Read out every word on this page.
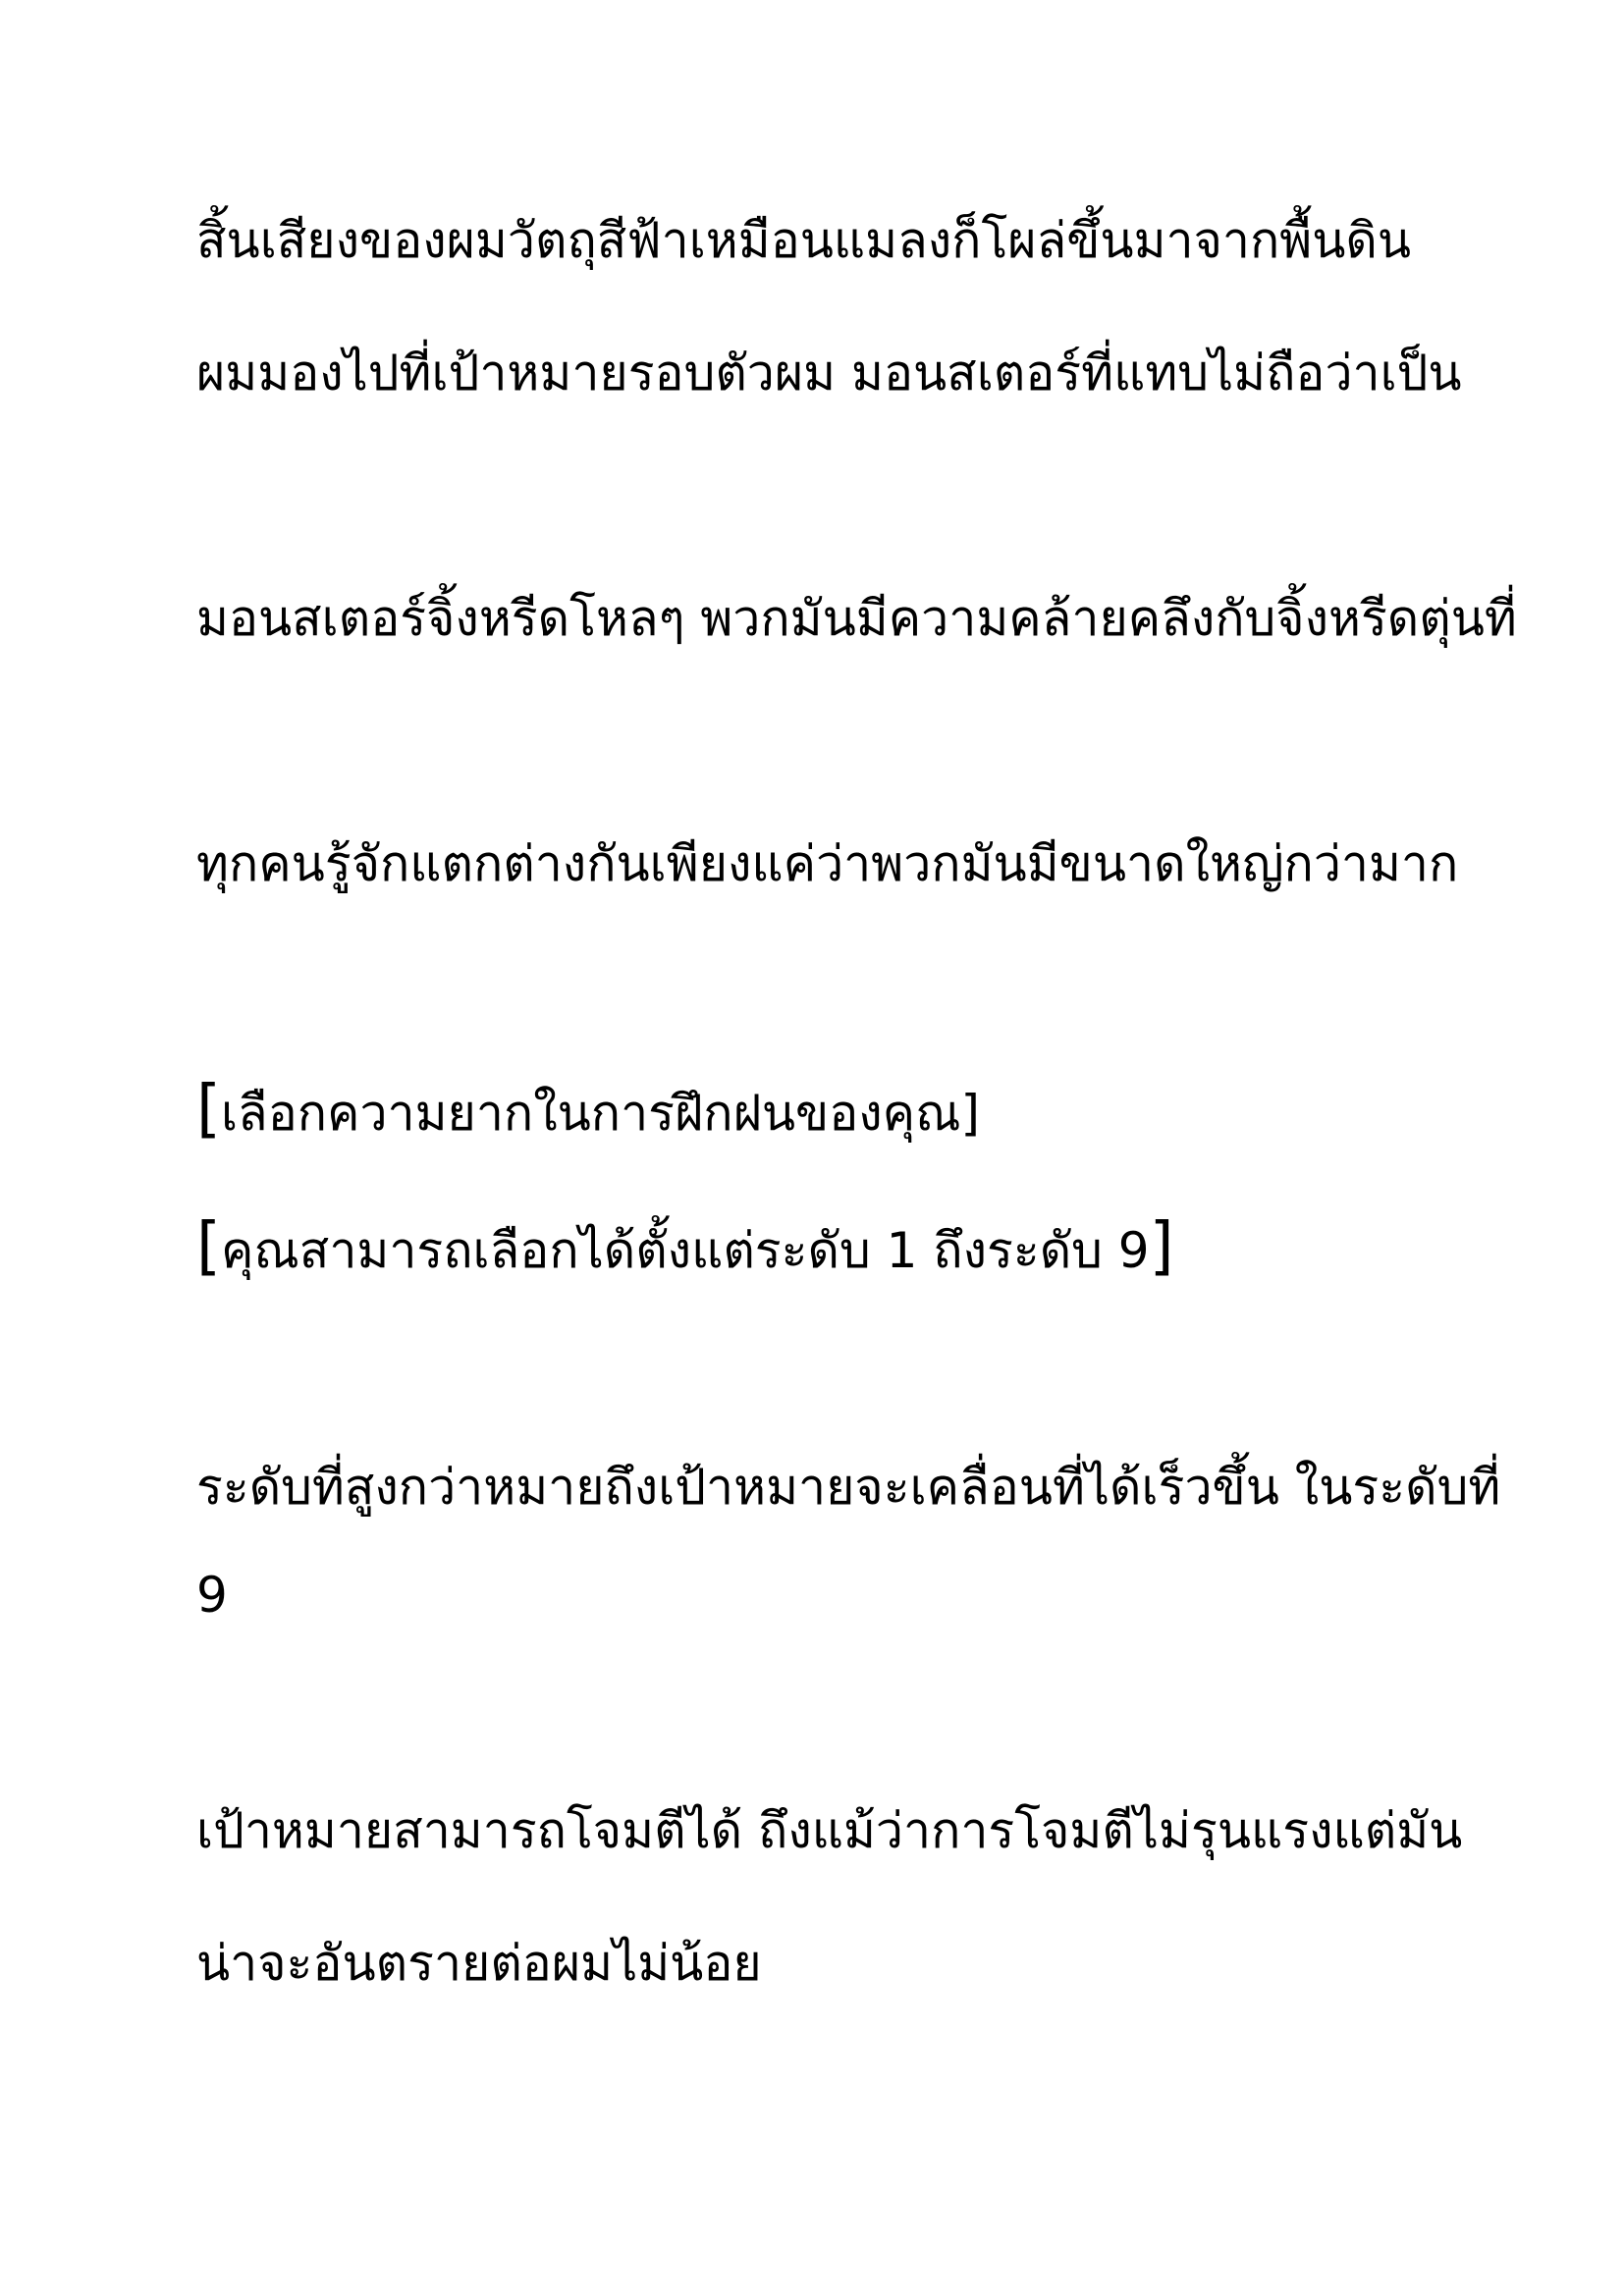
สิ้นเสียงของผมวัตถุสีฟ้าเหมือนแมลงก็โผล่ขึ้นมาจากพื้นดิน

ผมมองไปที่เป้าหมายรอบตัวผม มอนสเตอร์ที่แทบไม่ถือว่าเป็น

มอนสเตอร์จิ้งหรีดโหลๆ พวกมันมีความคล้ายคลึงกับจิ้งหรีดตุ่นที่

ทุกคนรู้จักแตกต่างกันเพียงแค่ว่าพวกมันมีขนาดใหญ่กว่ามาก

[เลือกความยากในการฝึกฝนของคุณ]

[คุณสามารถเลือกได้ตั้งแต่ระดับ 1 ถึงระดับ 9]

ระดับที่สูงกว่าหมายถึงเป้าหมายจะเคลื่อนที่ได้เร็วขึ้น ในระดับที่

9

เป้าหมายสามารถโจมตีได้ ถึงแม้ว่าการโจมตีไม่รุนแรงแต่มัน

น่าจะอันตรายต่อผมไม่น้อย
